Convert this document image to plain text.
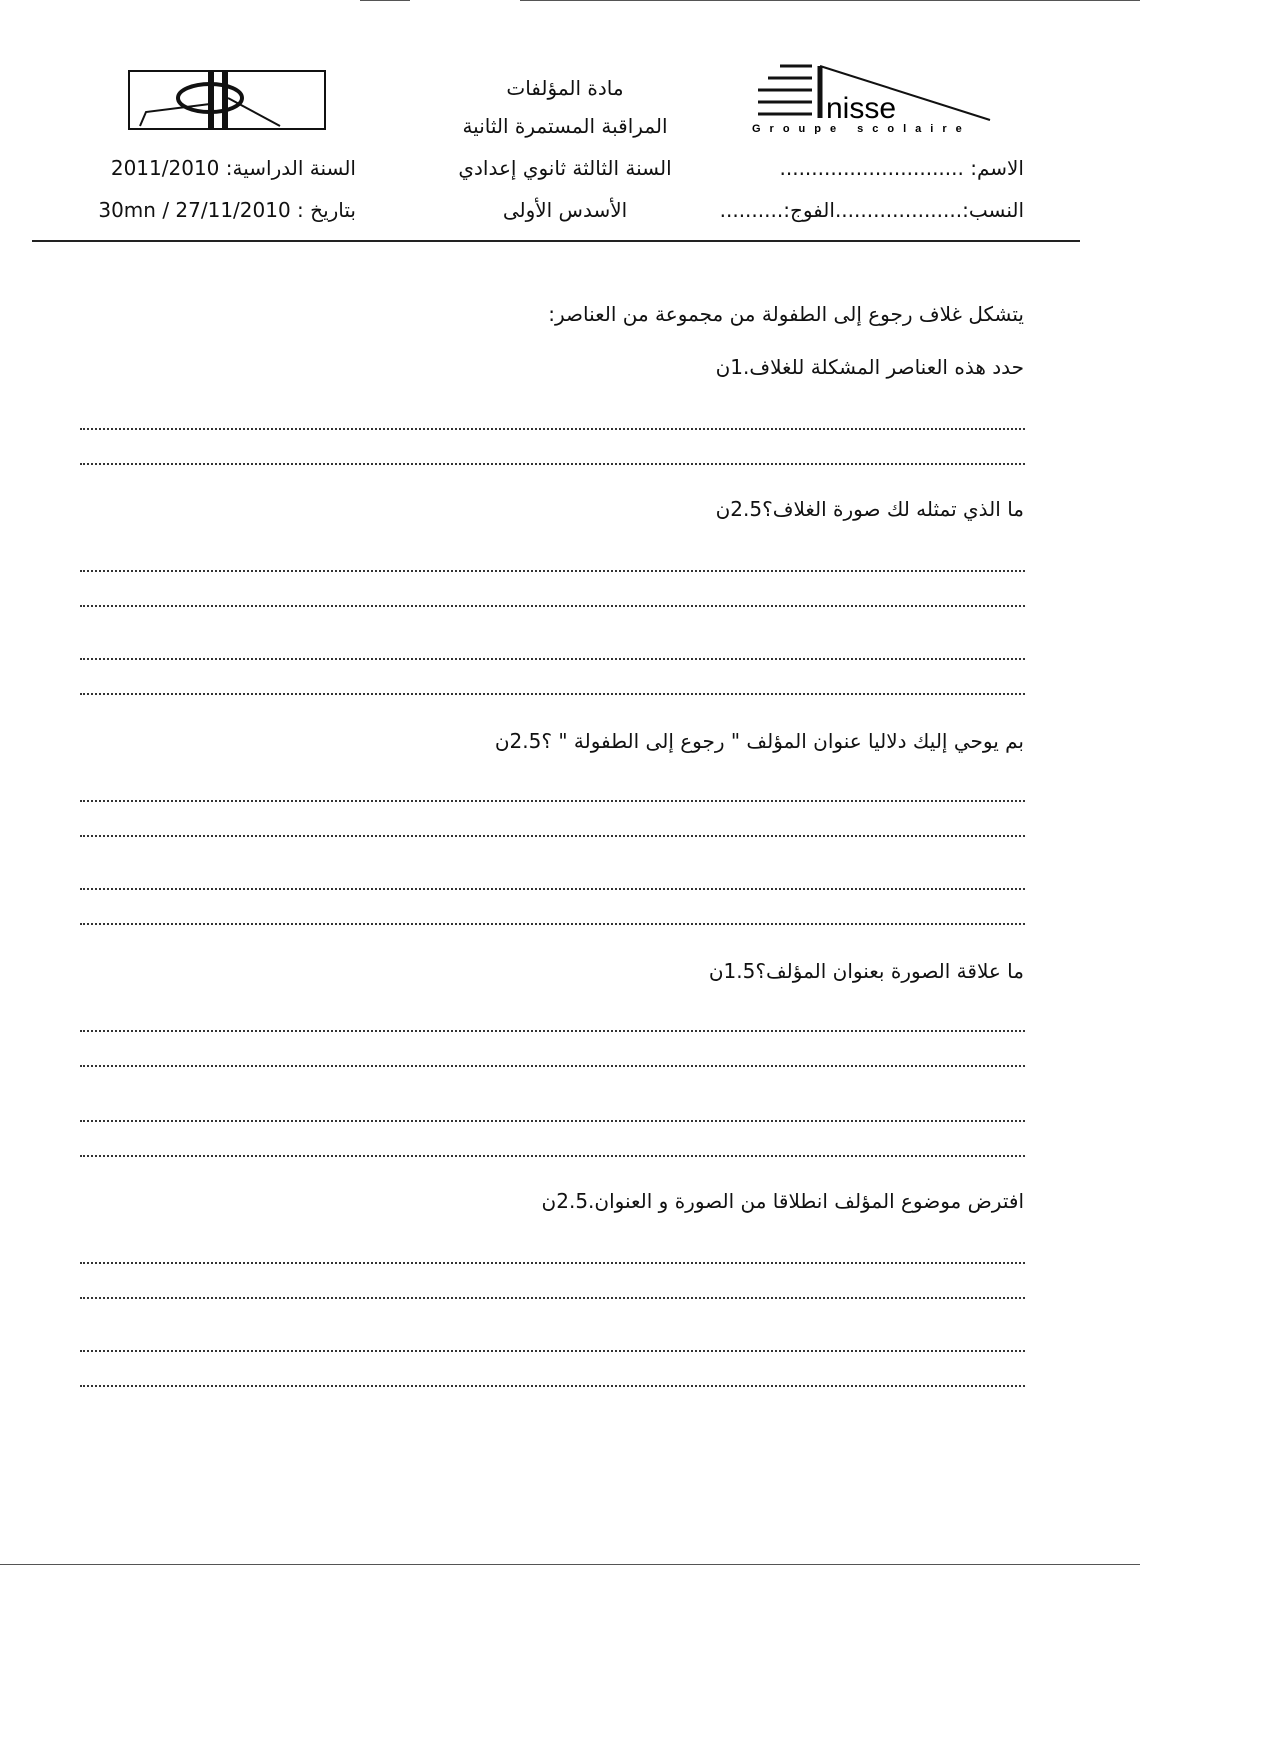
nisse
Groupe scolaire
مادة المؤلفات
المراقبة المستمرة الثانية
السنة الثالثة ثانوي إعدادي
الأسدس الأولى
السنة الدراسية: 2011/2010
بتاريخ : 27/11/2010 / 30mn
الاسم: .............................
النسب:....................الفوج:..........
يتشكل غلاف رجوع إلى الطفولة من مجموعة من العناصر:
حدد هذه العناصر المشكلة للغلاف.1ن
ما الذي تمثله لك صورة الغلاف؟2.5ن
بم يوحي إليك دلاليا عنوان المؤلف " رجوع إلى الطفولة " ؟2.5ن
ما علاقة الصورة بعنوان المؤلف؟1.5ن
افترض موضوع المؤلف انطلاقا من الصورة و العنوان.2.5ن
